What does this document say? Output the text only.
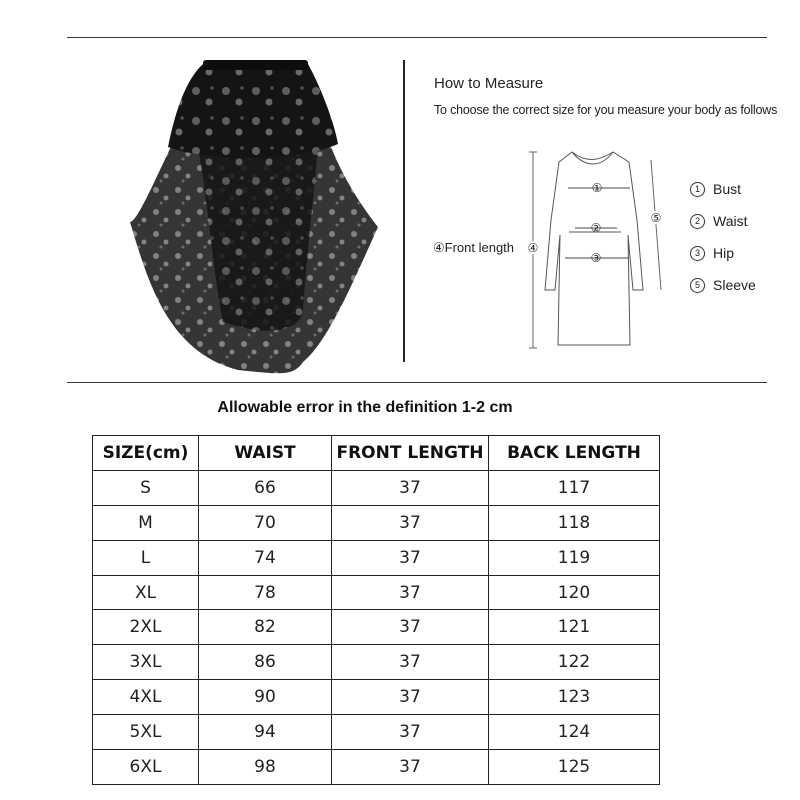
How to Measure
To choose the correct size for you measure your body as follows
①
②
③
④
⑤
④Front length
1 Bust
2 Waist
3 Hip
5 Sleeve
Allowable error in the definition 1-2 cm
SIZE(cm)	WAIST	FRONT LENGTH	BACK LENGTH
S	66	37	117
M	70	37	118
L	74	37	119
XL	78	37	120
2XL	82	37	121
3XL	86	37	122
4XL	90	37	123
5XL	94	37	124
6XL	98	37	125
